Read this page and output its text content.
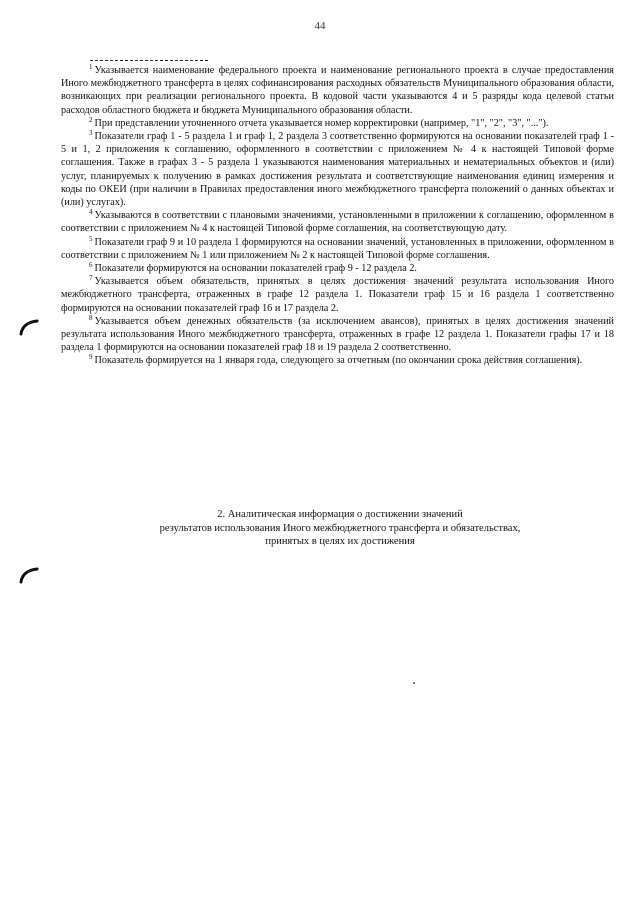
44

$^1$ Указывается наименование федерального проекта и наименование регионального проекта в случае предоставления Иного межбюджетного трансферта в целях софинансирования расходных обязательств Муниципального образования области, возникающих при реализации регионального проекта. В кодовой части указываются 4 и 5 разряды кода целевой статьи расходов областного бюджета и бюджета Муниципального образования области.

$^2$ При представлении уточненного отчета указывается номер корректировки (например, "1", "2", "3", "...").

$^3$ Показатели граф 1 - 5 раздела 1 и граф 1, 2 раздела 3 соответственно формируются на основании показателей граф 1 - 5 и 1, 2 приложения к соглашению, оформленного в соответствии с приложением № 4 к настоящей Типовой форме соглашения. Также в графах 3 - 5 раздела 1 указываются наименования материальных и нематериальных объектов и (или) услуг, планируемых к получению в рамках достижения результата и соответствующие наименования единиц измерения и коды по ОКЕИ (при наличии в Правилах предоставления иного межбюджетного трансферта положений о данных объектах и (или) услугах).

$^4$ Указываются в соответствии с плановыми значениями, установленными в приложении к соглашению, оформленном в соответствии с приложением № 4 к настоящей Типовой форме соглашения, на соответствующую дату.

$^5$ Показатели граф 9 и 10 раздела 1 формируются на основании значений, установленных в приложении, оформленном в соответствии с приложением № 1 или приложением № 2 к настоящей Типовой форме соглашения.

$^6$ Показатели формируются на основании показателей граф 9 - 12 раздела 2.

$^7$ Указывается объем обязательств, принятых в целях достижения значений результата использования Иного межбюджетного трансферта, отраженных в графе 12 раздела 1. Показатели граф 15 и 16 раздела 1 соответственно формируются на основании показателей граф 16 и 17 раздела 2.

$^8$ Указывается объем денежных обязательств (за исключением авансов), принятых в целях достижения значений результата использования Иного межбюджетного трансферта, отраженных в графе 12 раздела 1. Показатели графы 17 и 18 раздела 1 формируются на основании показателей граф 18 и 19 раздела 2 соответственно.

$^9$ Показатель формируется на 1 января года, следующего за отчетным (по окончании срока действия соглашения).

2. Аналитическая информация о достижении значений
результатов использования Иного межбюджетного трансферта и обязательствах,
принятых в целях их достижения
